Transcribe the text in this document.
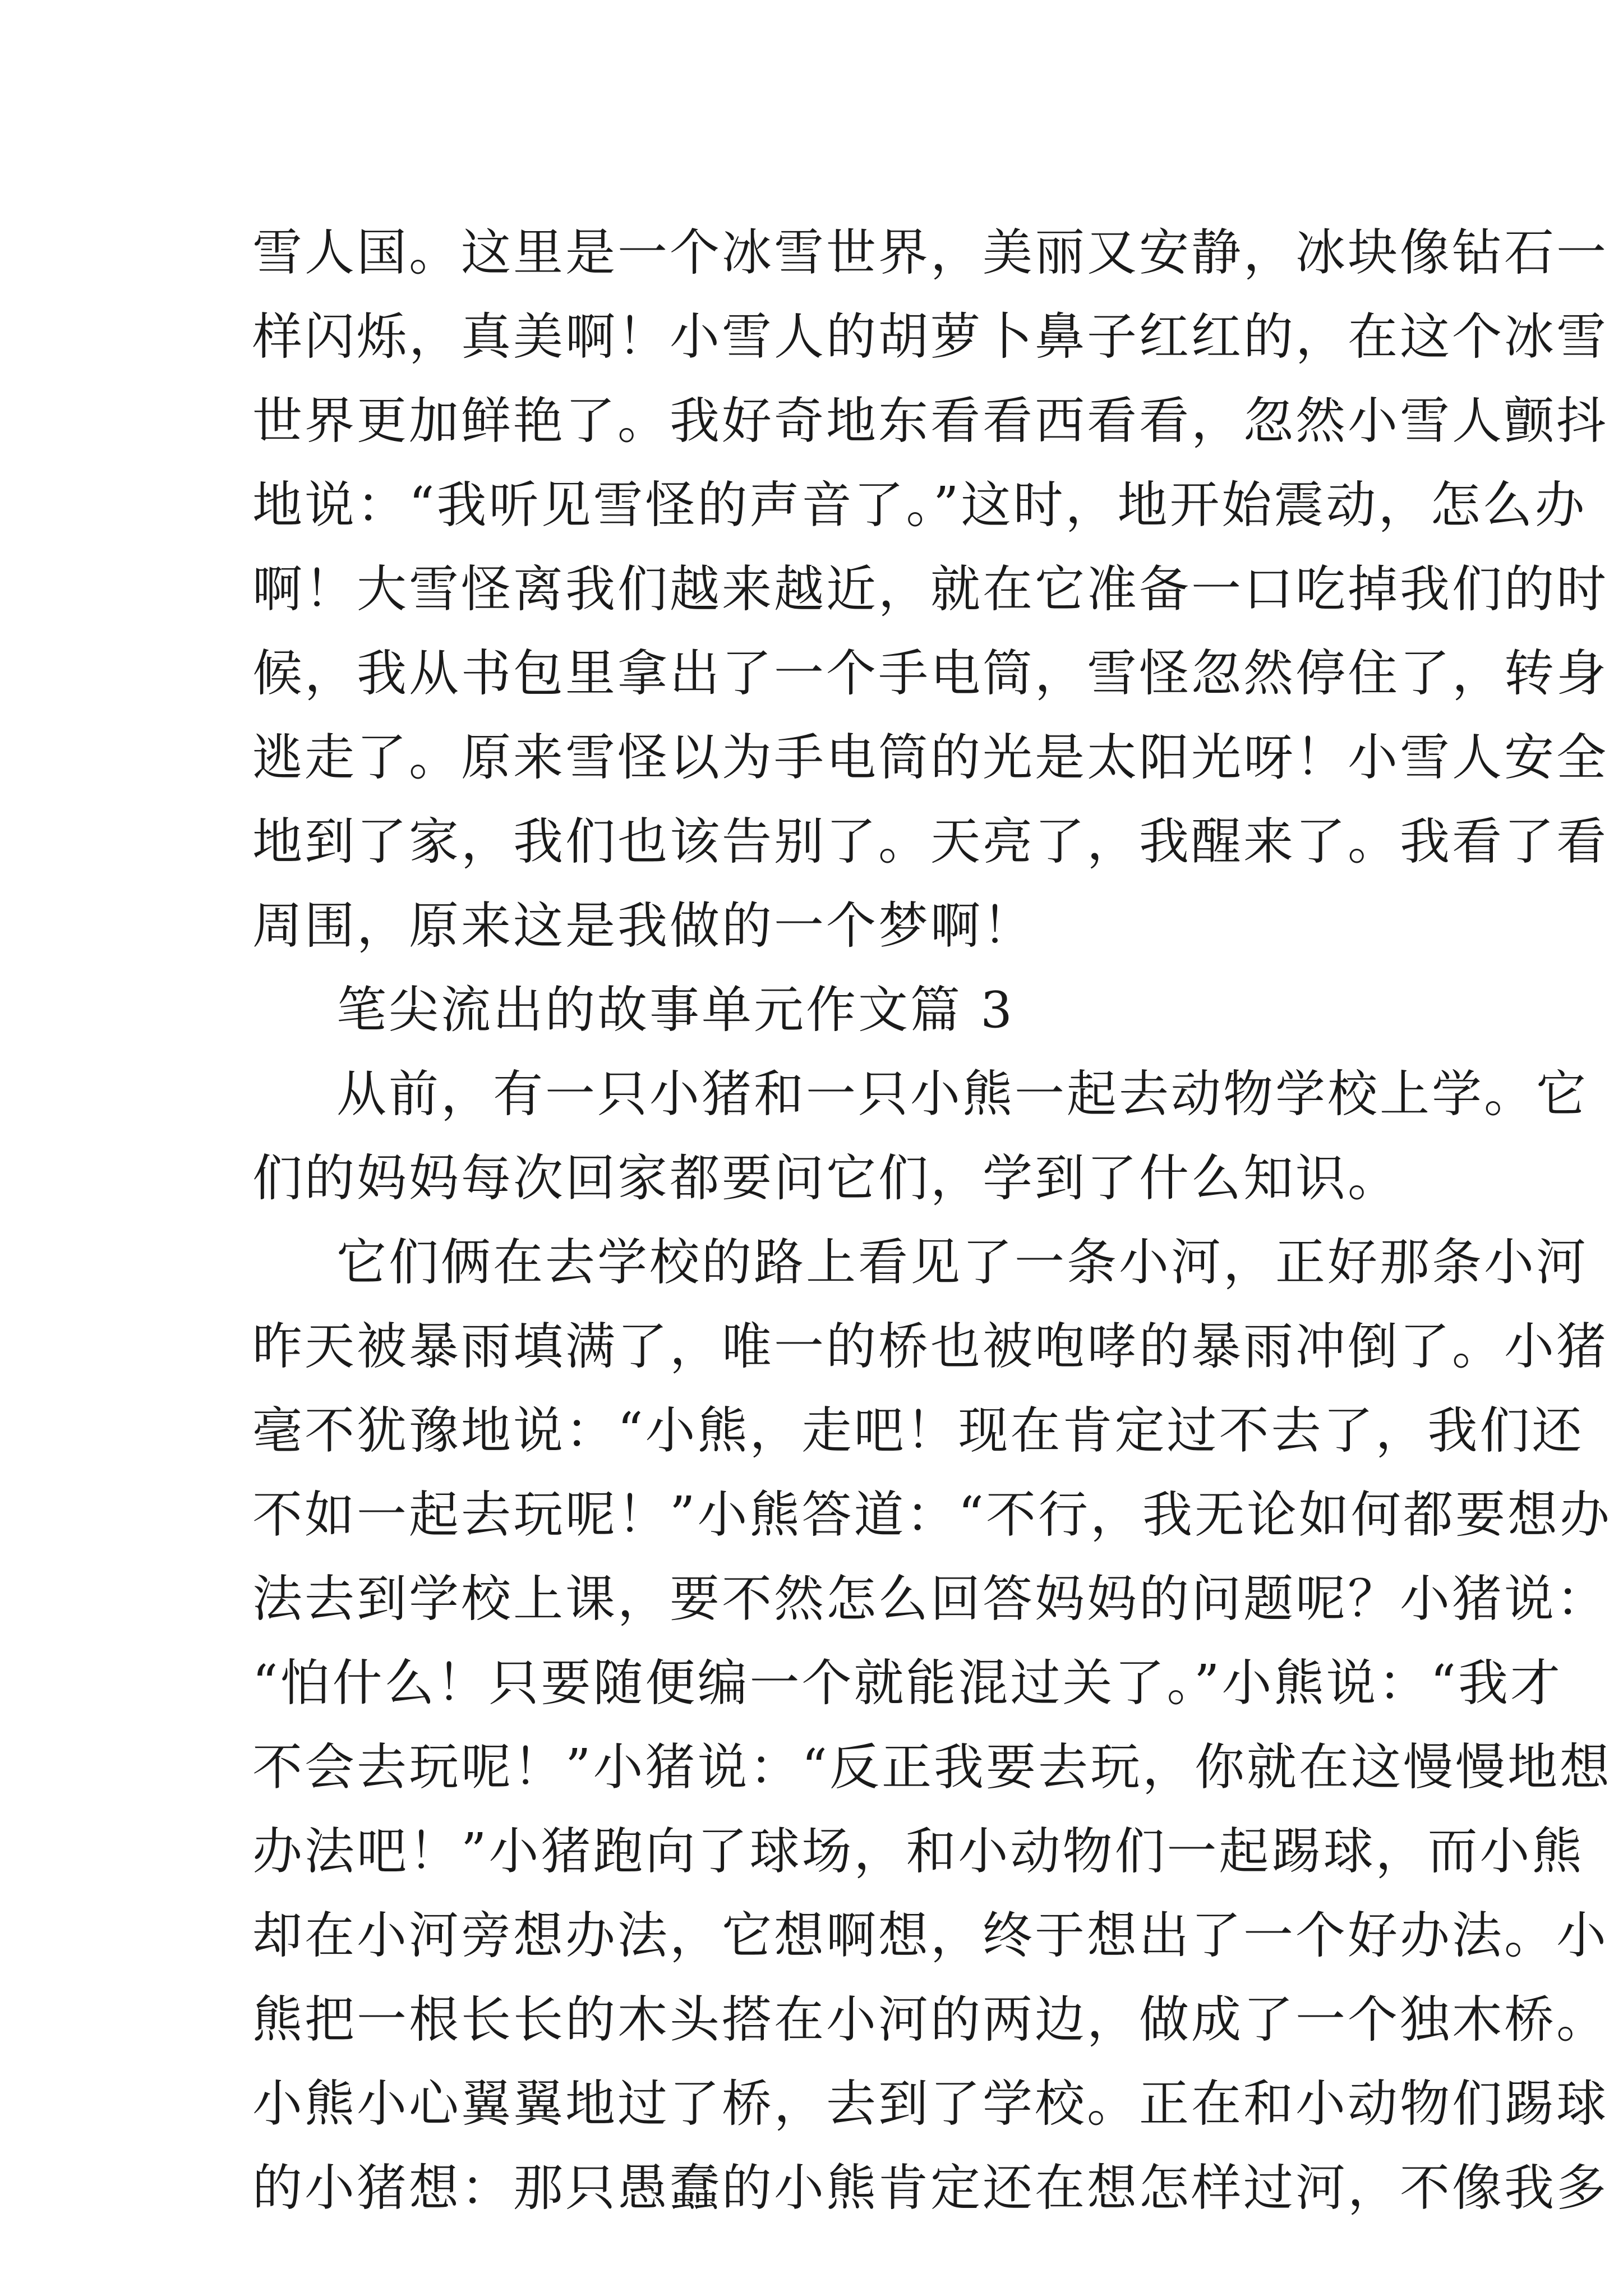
雪人国。这里是一个冰雪世界，美丽又安静，冰块像钻石一
样闪烁，真美啊！小雪人的胡萝卜鼻子红红的，在这个冰雪
世界更加鲜艳了。我好奇地东看看西看看，忽然小雪人颤抖
地说：“我听见雪怪的声音了。”这时，地开始震动，怎么办
啊！大雪怪离我们越来越近，就在它准备一口吃掉我们的时
候，我从书包里拿出了一个手电筒，雪怪忽然停住了，转身
逃走了。原来雪怪以为手电筒的光是太阳光呀！小雪人安全
地到了家，我们也该告别了。天亮了，我醒来了。我看了看
周围，原来这是我做的一个梦啊！
笔尖流出的故事单元作文篇 3
从前，有一只小猪和一只小熊一起去动物学校上学。它
们的妈妈每次回家都要问它们，学到了什么知识。
它们俩在去学校的路上看见了一条小河，正好那条小河
昨天被暴雨填满了，唯一的桥也被咆哮的暴雨冲倒了。小猪
毫不犹豫地说：“小熊，走吧！现在肯定过不去了，我们还
不如一起去玩呢！”小熊答道：“不行，我无论如何都要想办
法去到学校上课，要不然怎么回答妈妈的问题呢？小猪说：
“怕什么！只要随便编一个就能混过关了。”小熊说：“我才
不会去玩呢！”小猪说：“反正我要去玩，你就在这慢慢地想
办法吧！”小猪跑向了球场，和小动物们一起踢球，而小熊
却在小河旁想办法，它想啊想，终于想出了一个好办法。小
熊把一根长长的木头搭在小河的两边，做成了一个独木桥。
小熊小心翼翼地过了桥，去到了学校。正在和小动物们踢球
的小猪想：那只愚蠢的小熊肯定还在想怎样过河，不像我多
